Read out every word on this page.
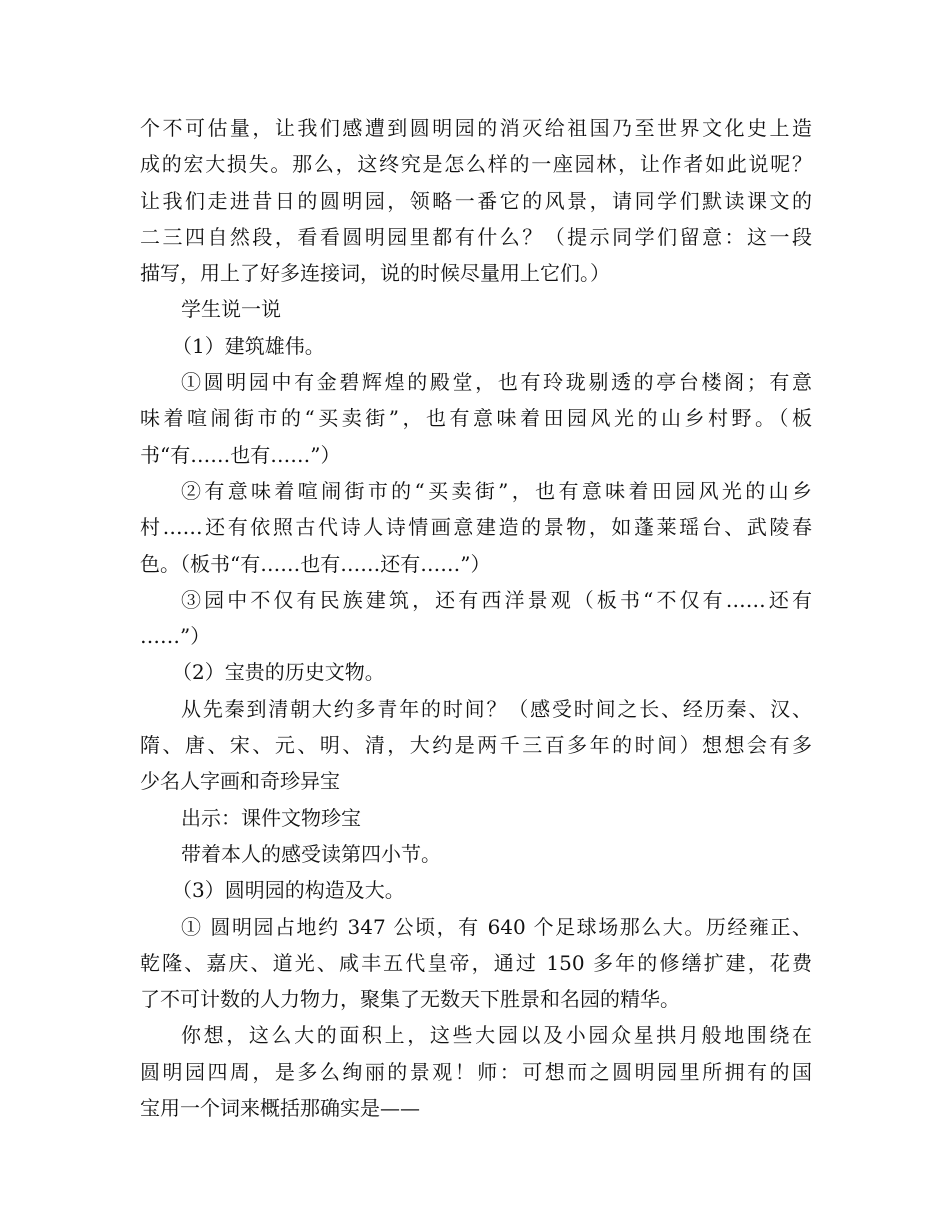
个不可估量，让我们感遭到圆明园的消灭给祖国乃至世界文化史上造

成的宏大损失。那么，这终究是怎么样的一座园林，让作者如此说呢？

让我们走进昔日的圆明园，领略一番它的风景，请同学们默读课文的

二三四自然段，看看圆明园里都有什么？（提示同学们留意：这一段

描写，用上了好多连接词，说的时候尽量用上它们。）

学生说一说

（1）建筑雄伟。

①圆明园中有金碧辉煌的殿堂，也有玲珑剔透的亭台楼阁；有意

味着喧闹街市的“买卖街”，也有意味着田园风光的山乡村野。（板

书“有……也有……”）

②有意味着喧闹街市的“买卖街”，也有意味着田园风光的山乡

村……还有依照古代诗人诗情画意建造的景物，如蓬莱瑶台、武陵春

色。（板书“有……也有……还有……”）

③园中不仅有民族建筑，还有西洋景观（板书“不仅有……还有

……”）

（2）宝贵的历史文物。

从先秦到清朝大约多青年的时间？（感受时间之长、经历秦、汉、

隋、唐、宋、元、明、清，大约是两千三百多年的时间）想想会有多

少名人字画和奇珍异宝

出示：课件文物珍宝

带着本人的感受读第四小节。

（3）圆明园的构造及大。

① 圆明园占地约 347 公顷，有 640 个足球场那么大。历经雍正、

乾隆、嘉庆、道光、咸丰五代皇帝，通过 150 多年的修缮扩建，花费

了不可计数的人力物力，聚集了无数天下胜景和名园的精华。

你想，这么大的面积上，这些大园以及小园众星拱月般地围绕在

圆明园四周，是多么绚丽的景观！师：可想而之圆明园里所拥有的国

宝用一个词来概括那确实是——
